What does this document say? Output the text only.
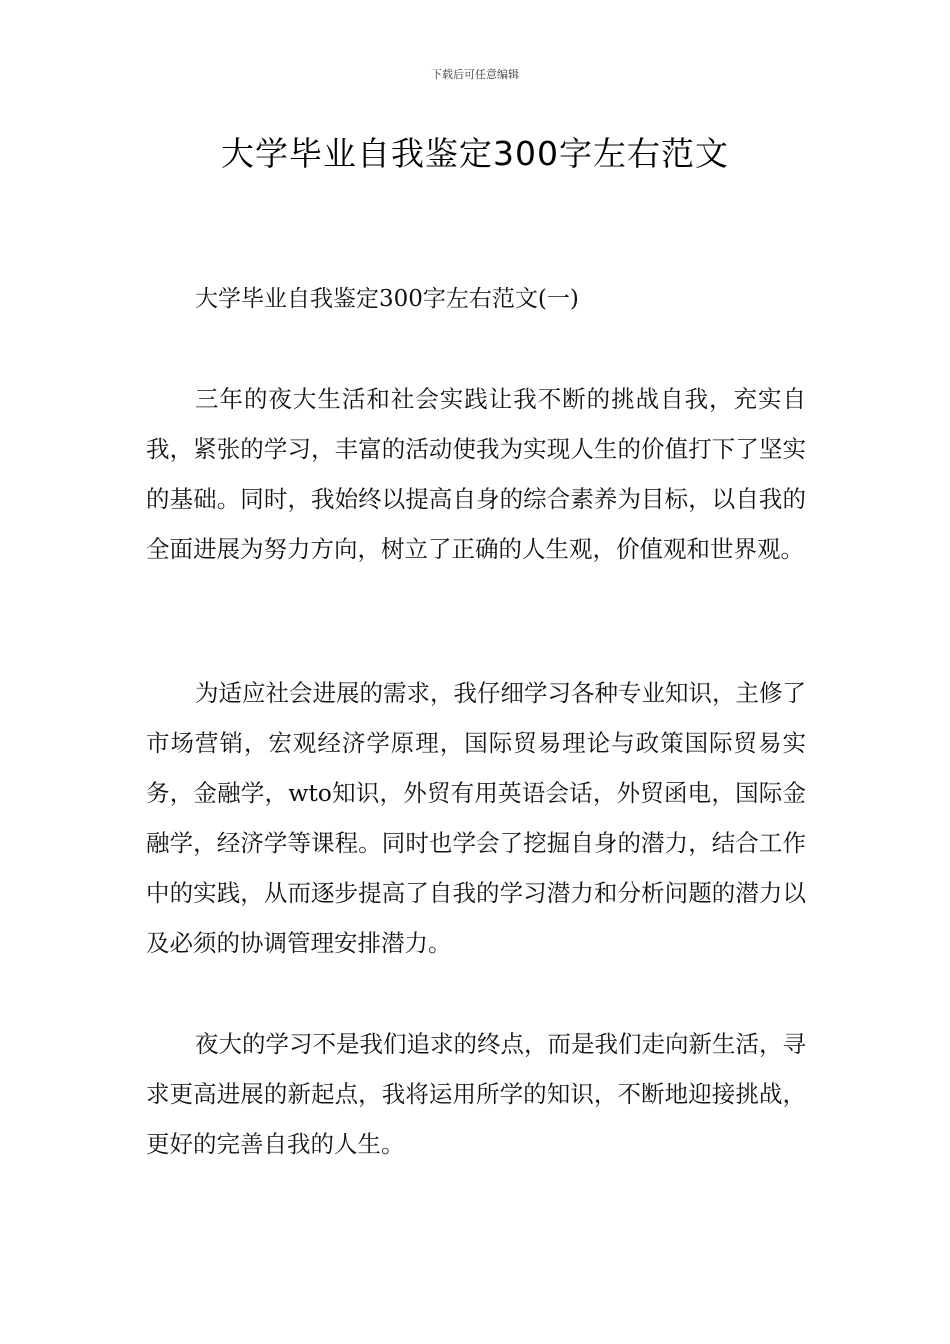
下载后可任意编辑
大学毕业自我鉴定300字左右范文

大学毕业自我鉴定300字左右范文(一)

三年的夜大生活和社会实践让我不断的挑战自我，充实自我，紧张的学习，丰富的活动使我为实现人生的价值打下了坚实的基础。同时，我始终以提高自身的综合素养为目标，以自我的全面进展为努力方向，树立了正确的人生观，价值观和世界观。

为适应社会进展的需求，我仔细学习各种专业知识，主修了市场营销，宏观经济学原理，国际贸易理论与政策国际贸易实务，金融学，wto知识，外贸有用英语会话，外贸函电，国际金融学，经济学等课程。同时也学会了挖掘自身的潜力，结合工作中的实践，从而逐步提高了自我的学习潜力和分析问题的潜力以及必须的协调管理安排潜力。

夜大的学习不是我们追求的终点，而是我们走向新生活，寻求更高进展的新起点，我将运用所学的知识，不断地迎接挑战，更好的完善自我的人生。
